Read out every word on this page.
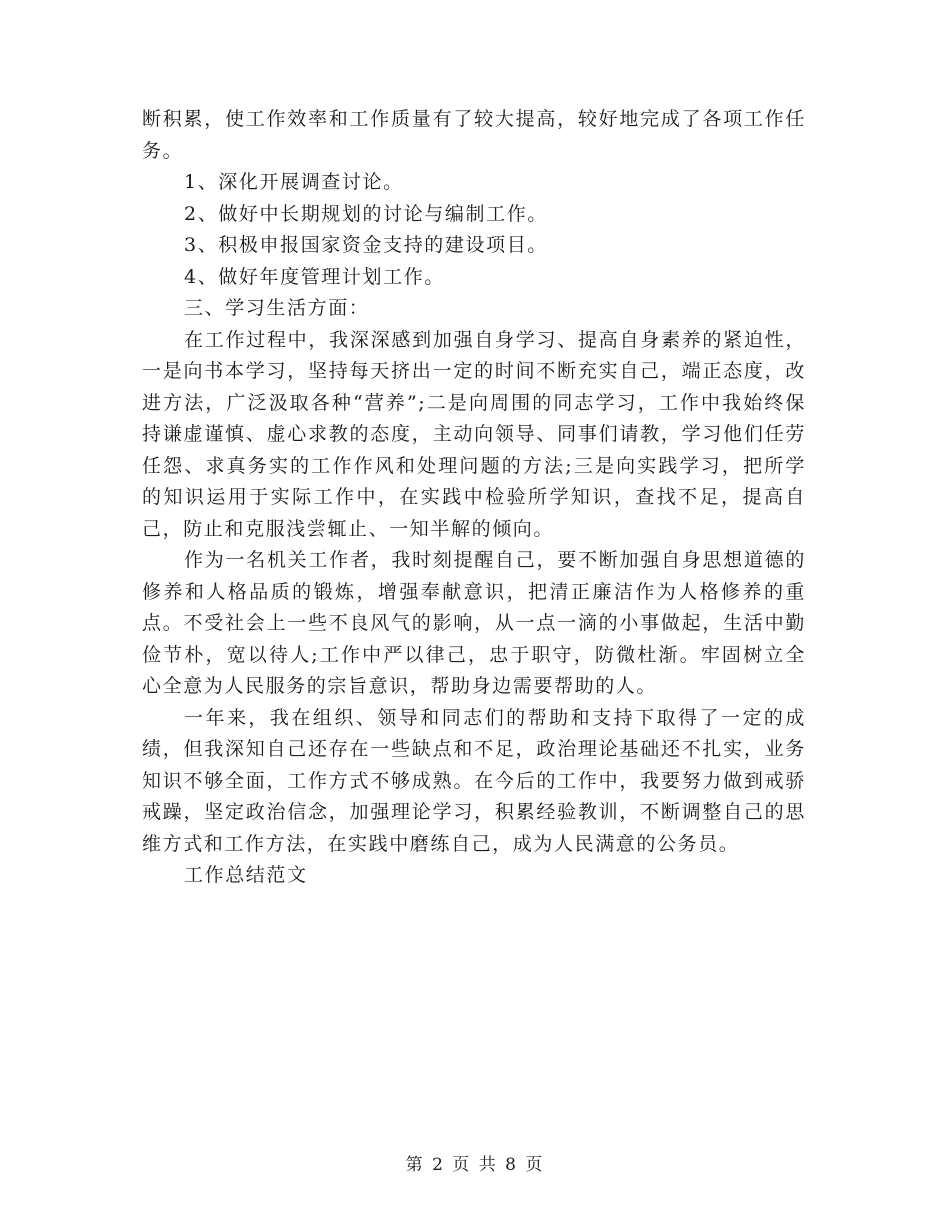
断积累，使工作效率和工作质量有了较大提高，较好地完成了各项工作任务。

1、深化开展调查讨论。

2、做好中长期规划的讨论与编制工作。

3、积极申报国家资金支持的建设项目。

4、做好年度管理计划工作。

三、学习生活方面：

在工作过程中，我深深感到加强自身学习、提高自身素养的紧迫性，一是向书本学习，坚持每天挤出一定的时间不断充实自己，端正态度，改进方法，广泛汲取各种“营养”;二是向周围的同志学习，工作中我始终保持谦虚谨慎、虚心求教的态度，主动向领导、同事们请教，学习他们任劳任怨、求真务实的工作作风和处理问题的方法;三是向实践学习，把所学的知识运用于实际工作中，在实践中检验所学知识，查找不足，提高自己，防止和克服浅尝辄止、一知半解的倾向。

作为一名机关工作者，我时刻提醒自己，要不断加强自身思想道德的修养和人格品质的锻炼，增强奉献意识，把清正廉洁作为人格修养的重点。不受社会上一些不良风气的影响，从一点一滴的小事做起，生活中勤俭节朴，宽以待人;工作中严以律己，忠于职守，防微杜渐。牢固树立全心全意为人民服务的宗旨意识，帮助身边需要帮助的人。

一年来，我在组织、领导和同志们的帮助和支持下取得了一定的成绩，但我深知自己还存在一些缺点和不足，政治理论基础还不扎实，业务知识不够全面，工作方式不够成熟。在今后的工作中，我要努力做到戒骄戒躁，坚定政治信念，加强理论学习，积累经验教训，不断调整自己的思维方式和工作方法，在实践中磨练自己，成为人民满意的公务员。

工作总结范文

第 2 页 共 8 页
